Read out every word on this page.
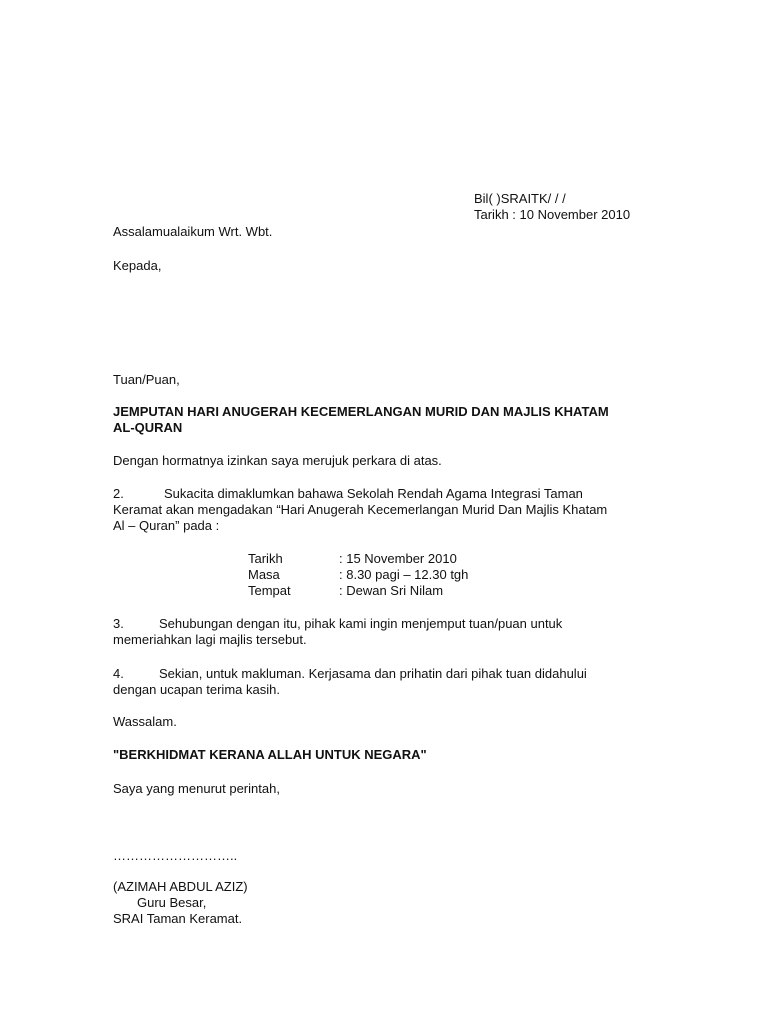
Bil( )SRAITK/ / /
Tarikh : 10 November 2010
Assalamualaikum Wrt. Wbt.
Kepada,
Tuan/Puan,
JEMPUTAN HARI ANUGERAH KECEMERLANGAN MURID DAN MAJLIS KHATAM
AL-QURAN
Dengan hormatnya izinkan saya merujuk perkara di atas.
2.	Sukacita dimaklumkan bahawa Sekolah Rendah Agama Integrasi Taman
Keramat akan mengadakan “Hari Anugerah Kecemerlangan Murid Dan Majlis Khatam
Al – Quran” pada :
Tarikh	: 15 November 2010
Masa	: 8.30 pagi – 12.30 tgh
Tempat	: Dewan Sri Nilam
3.	Sehubungan dengan itu, pihak kami ingin menjemput tuan/puan untuk
memeriahkan lagi majlis tersebut.
4.	Sekian, untuk makluman. Kerjasama dan prihatin dari pihak tuan didahului
dengan ucapan terima kasih.
Wassalam.
"BERKHIDMAT KERANA ALLAH UNTUK NEGARA"
Saya yang menurut perintah,
………………………..
(AZIMAH ABDUL AZIZ)
Guru Besar,
SRAI Taman Keramat.
